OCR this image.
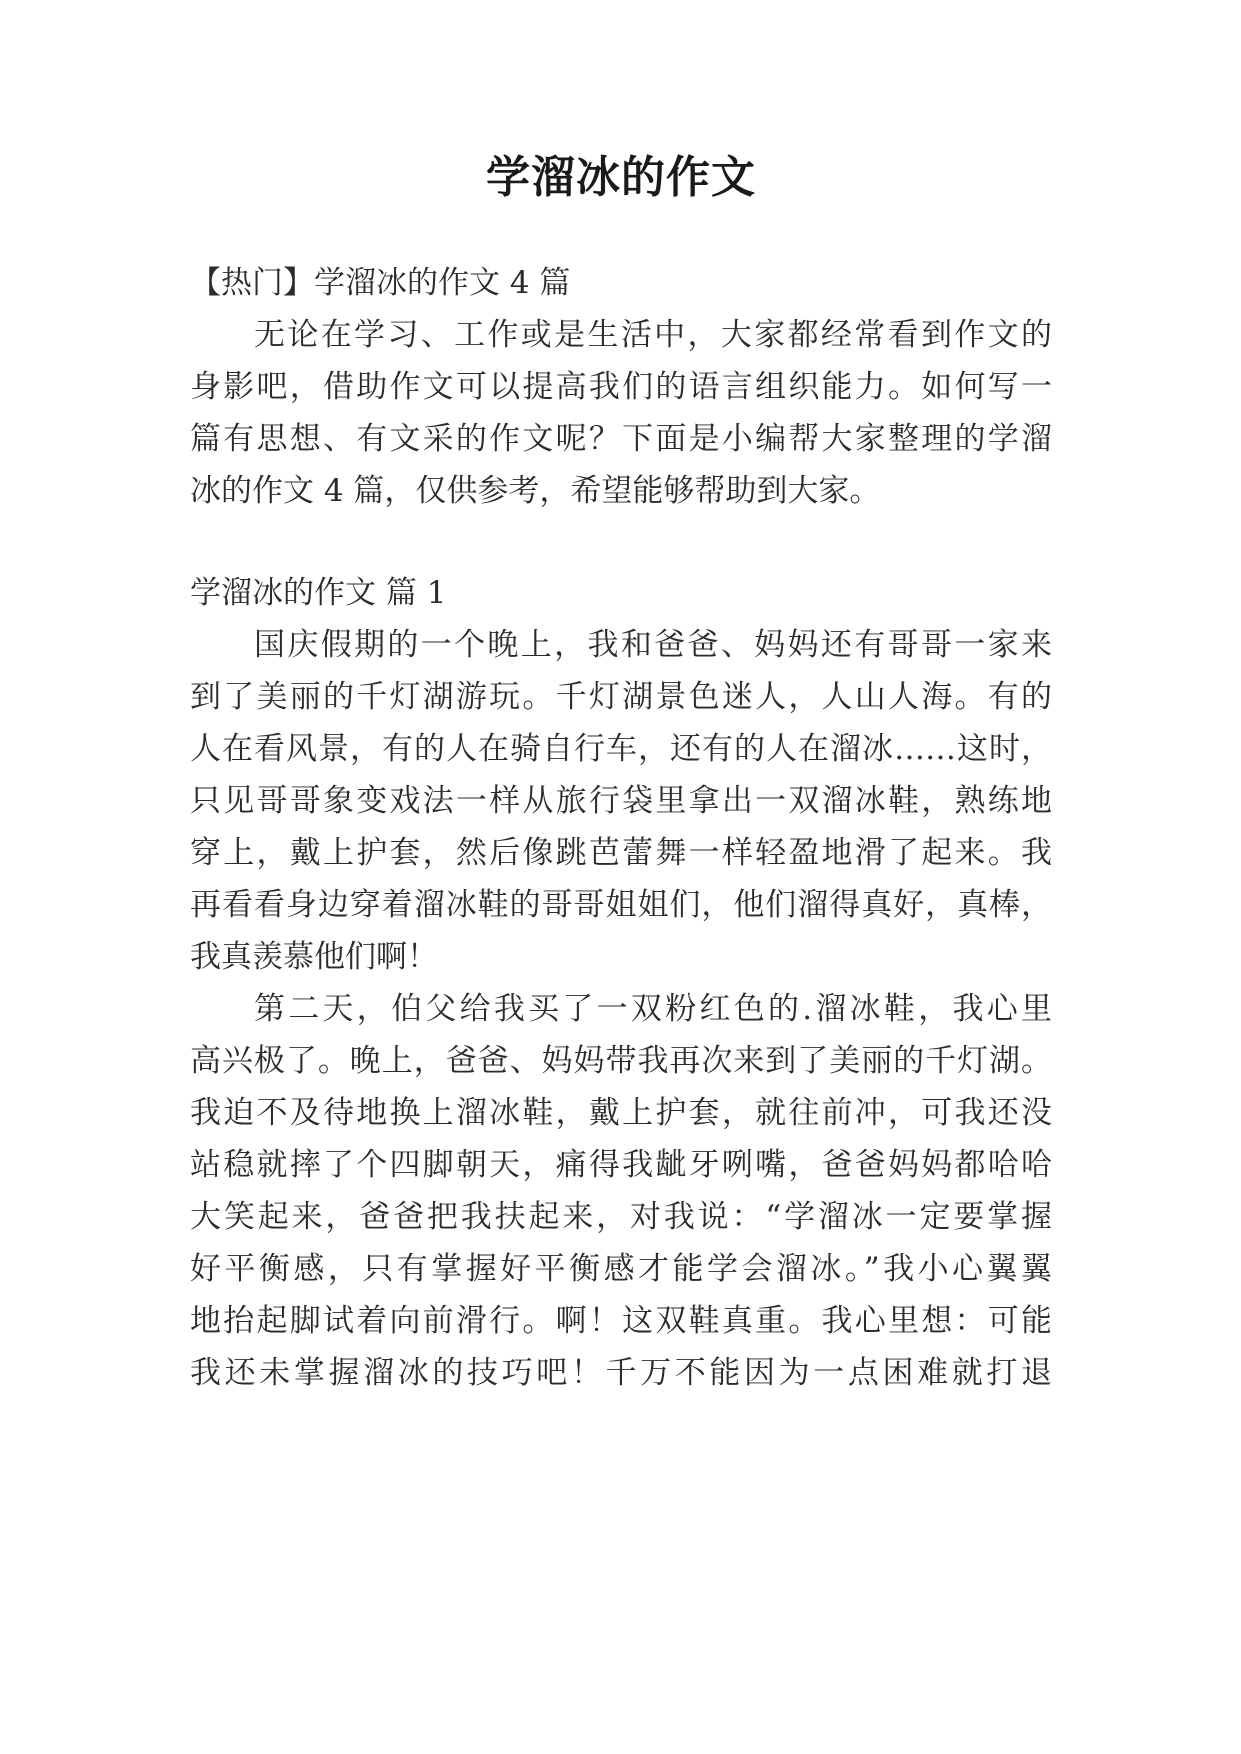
学溜冰的作文
【热门】学溜冰的作文 4 篇
无论在学习、工作或是生活中，大家都经常看到作文的
身影吧，借助作文可以提高我们的语言组织能力。如何写一
篇有思想、有文采的作文呢？下面是小编帮大家整理的学溜
冰的作文 4 篇，仅供参考，希望能够帮助到大家。
学溜冰的作文 篇 1
国庆假期的一个晚上，我和爸爸、妈妈还有哥哥一家来
到了美丽的千灯湖游玩。千灯湖景色迷人，人山人海。有的
人在看风景，有的人在骑自行车，还有的人在溜冰……这时，
只见哥哥象变戏法一样从旅行袋里拿出一双溜冰鞋，熟练地
穿上，戴上护套，然后像跳芭蕾舞一样轻盈地滑了起来。我
再看看身边穿着溜冰鞋的哥哥姐姐们，他们溜得真好，真棒，
我真羡慕他们啊！
第二天，伯父给我买了一双粉红色的.溜冰鞋，我心里
高兴极了。晚上，爸爸、妈妈带我再次来到了美丽的千灯湖。
我迫不及待地换上溜冰鞋，戴上护套，就往前冲，可我还没
站稳就摔了个四脚朝天，痛得我龇牙咧嘴，爸爸妈妈都哈哈
大笑起来，爸爸把我扶起来，对我说：“学溜冰一定要掌握
好平衡感，只有掌握好平衡感才能学会溜冰。”我小心翼翼
地抬起脚试着向前滑行。啊！这双鞋真重。我心里想：可能
我还未掌握溜冰的技巧吧！千万不能因为一点困难就打退
